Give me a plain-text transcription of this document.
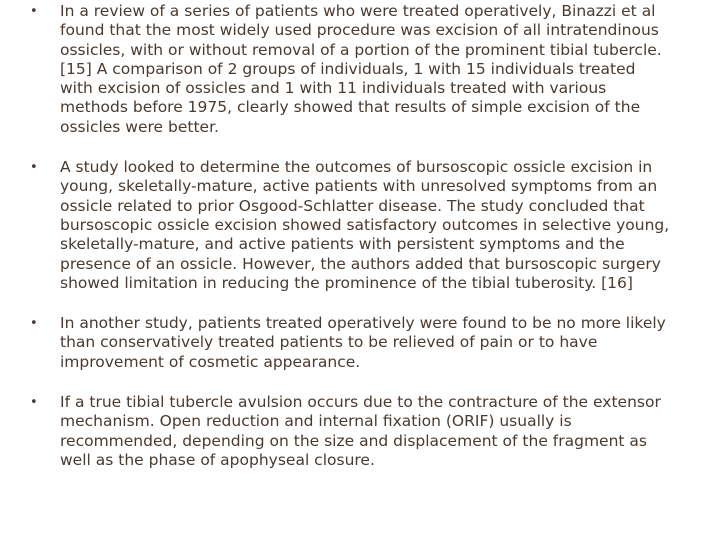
•	In a review of a series of patients who were treated operatively, Binazzi et al found that the most widely used procedure was excision of all intratendinous ossicles, with or without removal of a portion of the prominent tibial tubercle. [15] A comparison of 2 groups of individuals, 1 with 15 individuals treated with excision of ossicles and 1 with 11 individuals treated with various methods before 1975, clearly showed that results of simple excision of the ossicles were better.
•	A study looked to determine the outcomes of bursoscopic ossicle excision in young, skeletally-mature, active patients with unresolved symptoms from an ossicle related to prior Osgood-Schlatter disease. The study concluded that bursoscopic ossicle excision showed satisfactory outcomes in selective young, skeletally-mature, and active patients with persistent symptoms and the presence of an ossicle. However, the authors added that bursoscopic surgery showed limitation in reducing the prominence of the tibial tuberosity. [16]
•	In another study, patients treated operatively were found to be no more likely than conservatively treated patients to be relieved of pain or to have improvement of cosmetic appearance.
•	If a true tibial tubercle avulsion occurs due to the contracture of the extensor mechanism. Open reduction and internal fixation (ORIF) usually is recommended, depending on the size and displacement of the fragment as well as the phase of apophyseal closure.
